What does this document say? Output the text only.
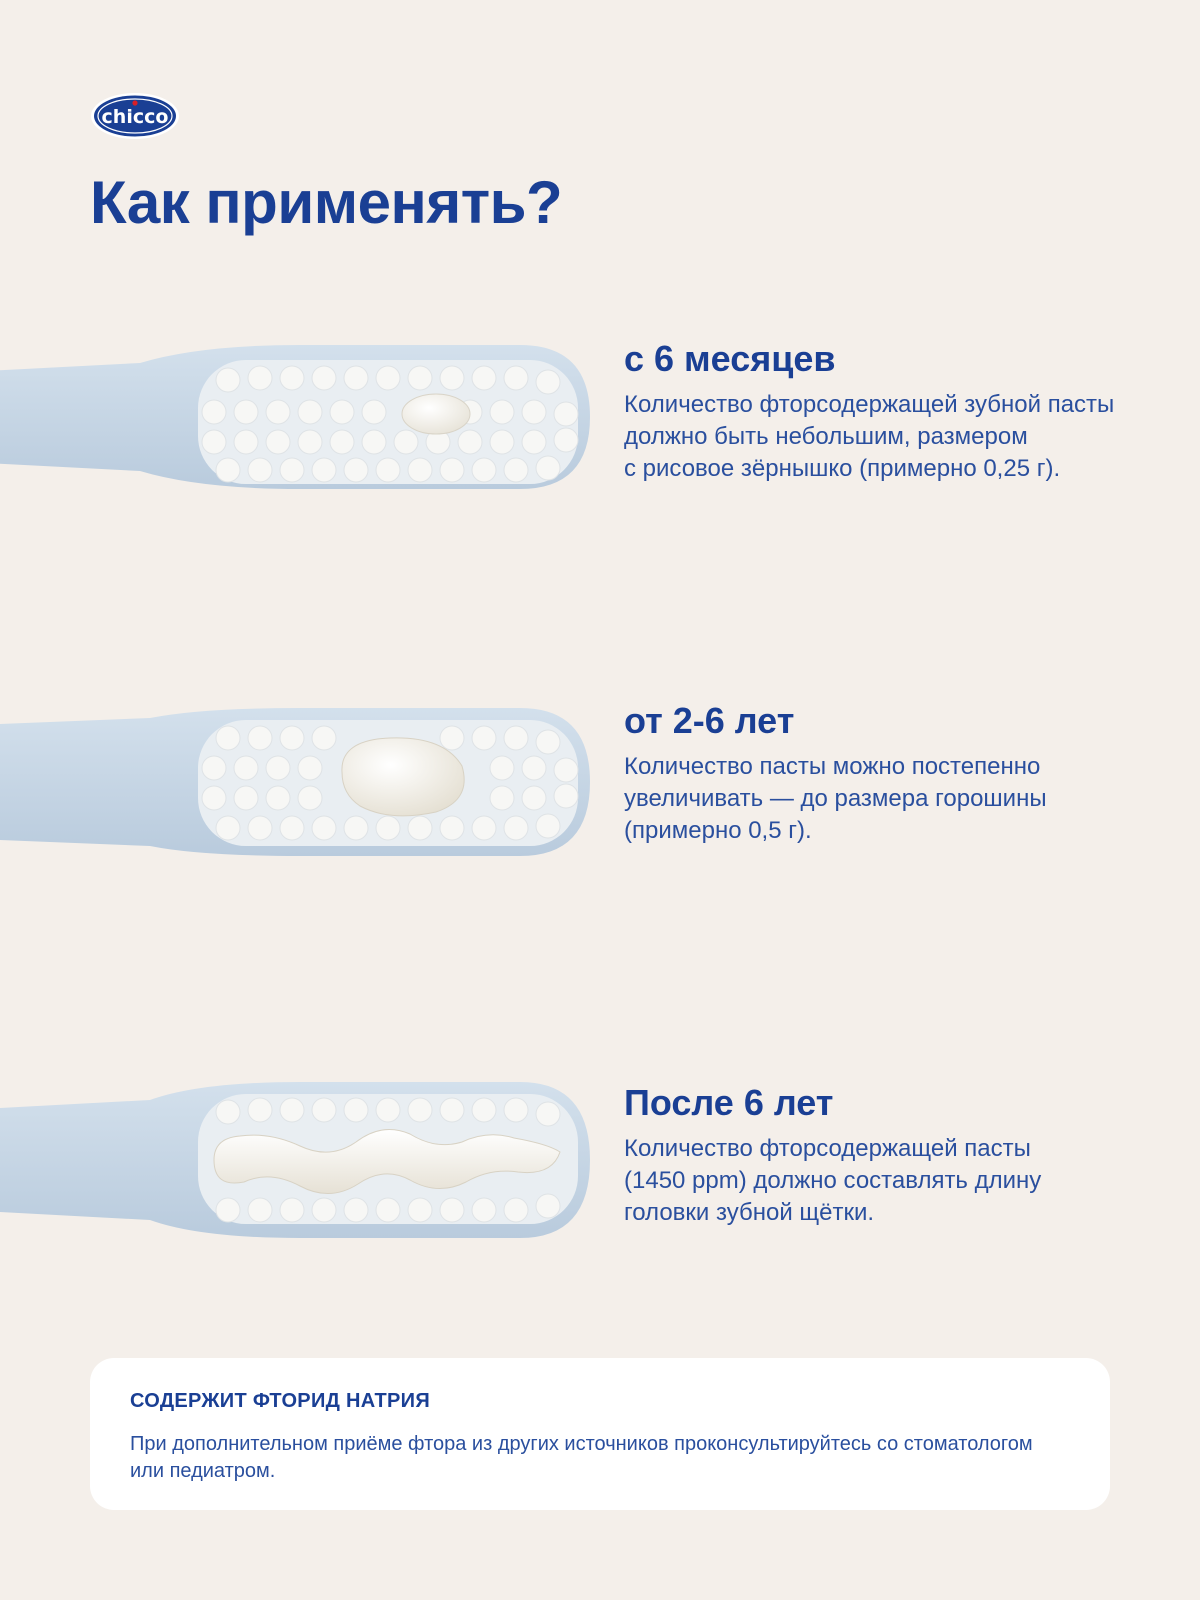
chicco
Как применять?
с 6 месяцев

Количество фторсодержащей зубной пасты
должно быть небольшим, размером
с рисовое зёрнышко (примерно 0,25 г).

от 2-6 лет

Количество пасты можно постепенно
увеличивать — до размера горошины
(примерно 0,5 г).

После 6 лет

Количество фторсодержащей пасты
(1450 ppm) должно составлять длину
головки зубной щётки.

СОДЕРЖИТ ФТОРИД НАТРИЯ

При дополнительном приёме фтора из других источников проконсультируйтесь со стоматологом или педиатром.
